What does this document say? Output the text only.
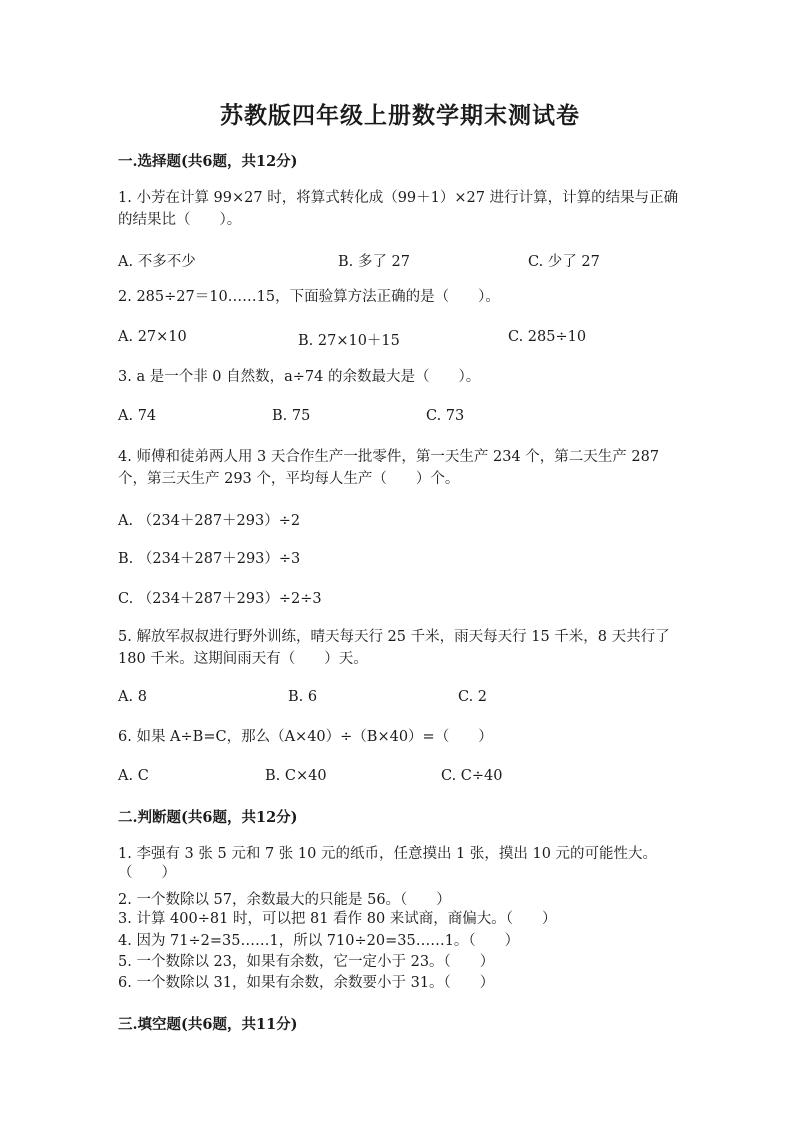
苏教版四年级上册数学期末测试卷
一.选择题(共6题，共12分)
1. 小芳在计算 99×27 时，将算式转化成（99＋1）×27 进行计算，计算的结果与正确的结果比（　　）。
A. 不多不少	B. 多了 27	C. 少了 27
2. 285÷27＝10……15，下面验算方法正确的是（　　）。
A. 27×10	B. 27×10＋15	C. 285÷10
3. a 是一个非 0 自然数，a÷74 的余数最大是（　　）。
A. 74	B. 75	C. 73
4. 师傅和徒弟两人用 3 天合作生产一批零件，第一天生产 234 个，第二天生产 287 个，第三天生产 293 个，平均每人生产（　　）个。
A. （234＋287＋293）÷2
B. （234＋287＋293）÷3
C. （234＋287＋293）÷2÷3
5. 解放军叔叔进行野外训练，晴天每天行 25 千米，雨天每天行 15 千米，8 天共行了 180 千米。这期间雨天有（　　）天。
A. 8	B. 6	C. 2
6. 如果 A÷B=C，那么（A×40）÷（B×40）=（　　）
A. C	B. C×40	C. C÷40
二.判断题(共6题，共12分)
1. 李强有 3 张 5 元和 7 张 10 元的纸币，任意摸出 1 张，摸出 10 元的可能性大。　　（　　）
2. 一个数除以 57，余数最大的只能是 56。（　　）
3. 计算 400÷81 时，可以把 81 看作 80 来试商，商偏大。（　　）
4. 因为 71÷2=35……1，所以 710÷20=35……1。（　　）
5. 一个数除以 23，如果有余数，它一定小于 23。（　　）
6. 一个数除以 31，如果有余数，余数要小于 31。（　　）
三.填空题(共6题，共11分)
